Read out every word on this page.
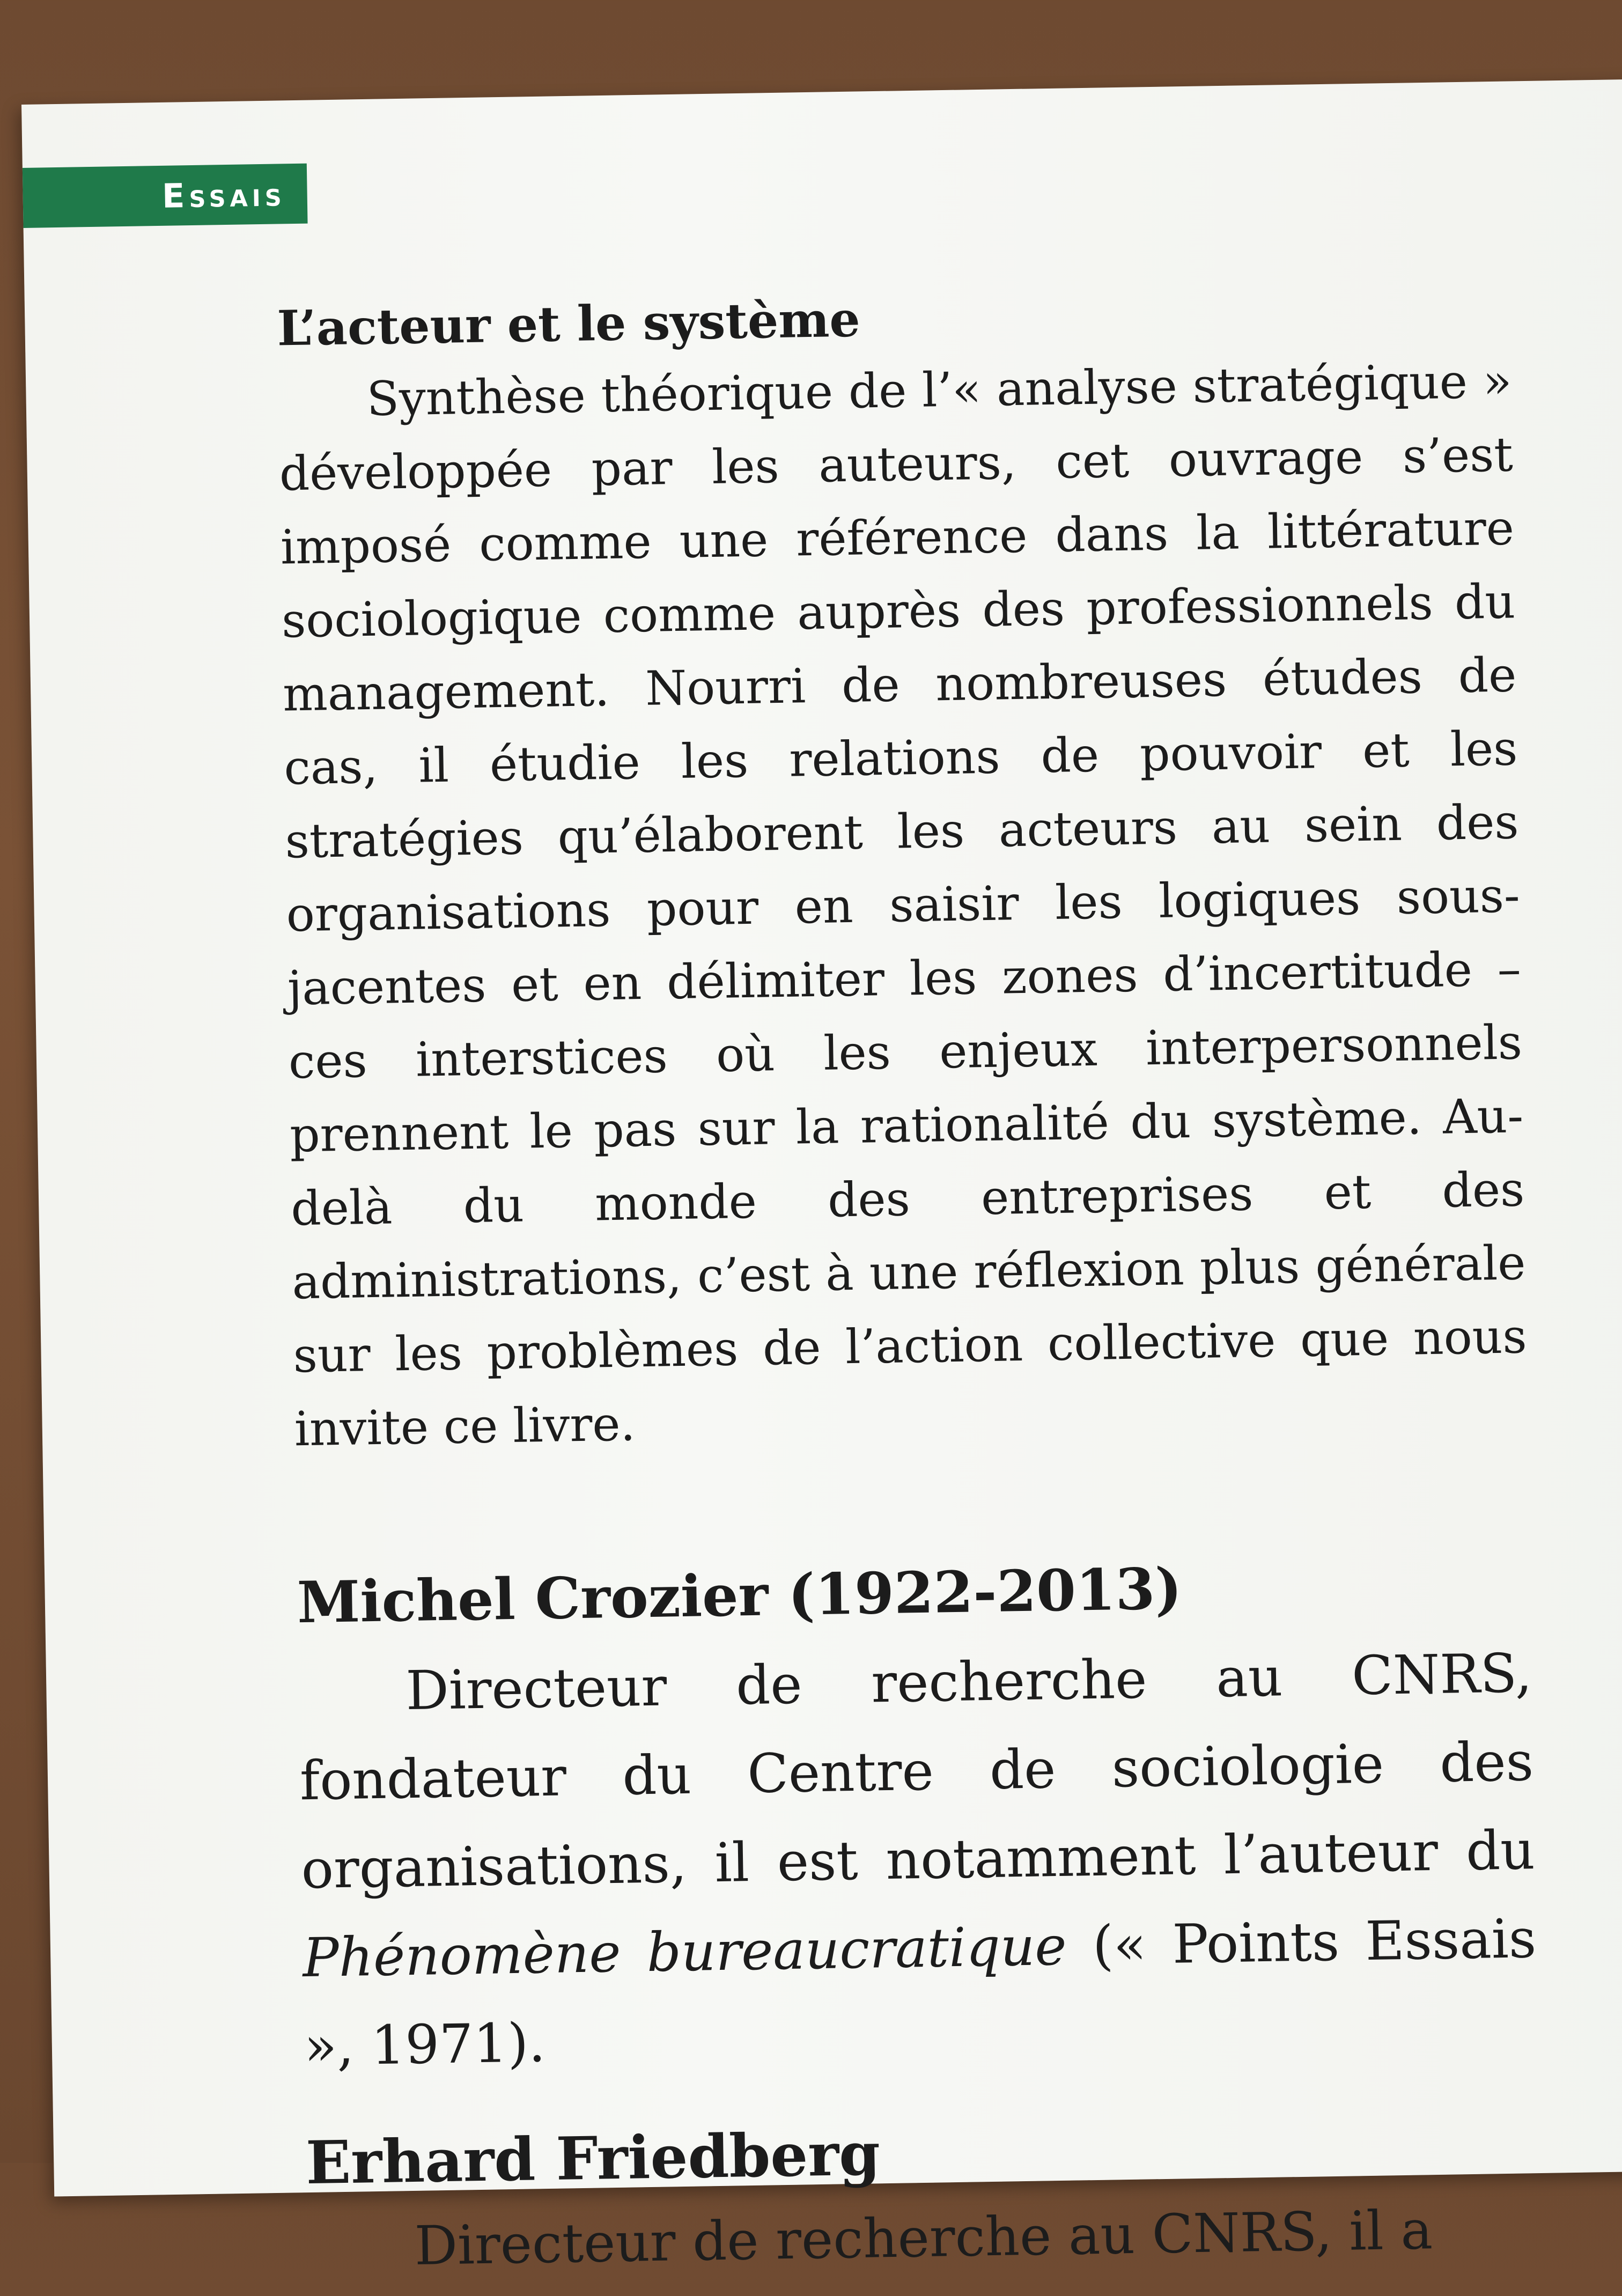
Essais
L’acteur et le système

Synthèse théorique de l’« analyse stratégique » développée par les auteurs, cet ouvrage s’est imposé comme une référence dans la littérature sociologique comme auprès des professionnels du management. Nourri de nombreuses études de cas, il étudie les relations de pouvoir et les stratégies qu’élaborent les acteurs au sein des organisations pour en saisir les logiques sous-jacentes et en délimiter les zones d’incertitude – ces interstices où les enjeux interpersonnels prennent le pas sur la rationalité du système. Au-delà du monde des entreprises et des administrations, c’est à une réflexion plus générale sur les problèmes de l’action collective que nous invite ce livre.

Michel Crozier (1922-2013)

Directeur de recherche au CNRS, fondateur du Centre de sociologie des organisations, il est notamment l’auteur du Phénomène bureaucratique (« Points Essais », 1971).

Erhard Friedberg

Directeur de recherche au CNRS, il a
